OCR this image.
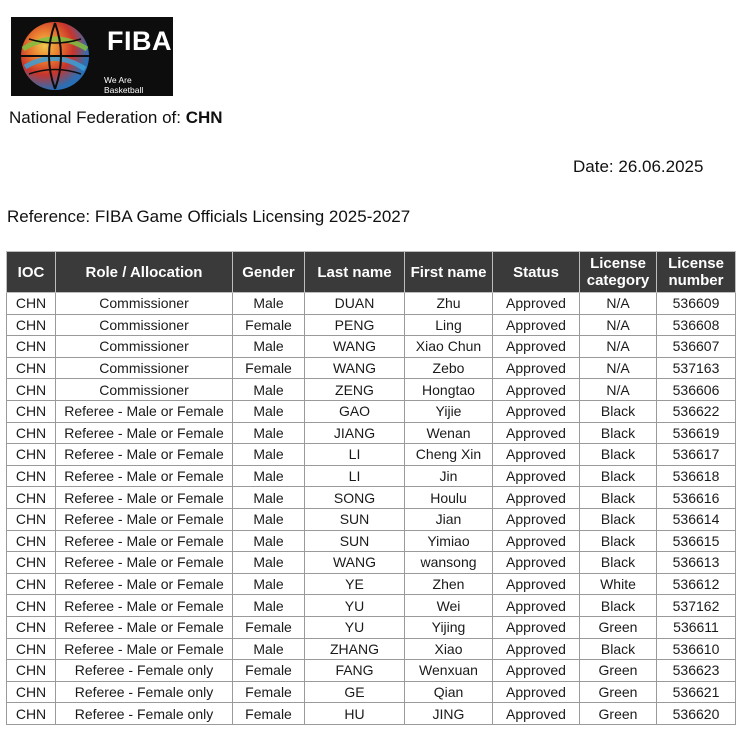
FIBA
We Are Basketball
National Federation of: CHN
Date: 26.06.2025
Reference: FIBA Game Officials Licensing 2025-2027
IOC	Role / Allocation	Gender	Last name	First name	Status	License category	License number
CHN	Commissioner	Male	DUAN	Zhu	Approved	N/A	536609
CHN	Commissioner	Female	PENG	Ling	Approved	N/A	536608
CHN	Commissioner	Male	WANG	Xiao Chun	Approved	N/A	536607
CHN	Commissioner	Female	WANG	Zebo	Approved	N/A	537163
CHN	Commissioner	Male	ZENG	Hongtao	Approved	N/A	536606
CHN	Referee - Male or Female	Male	GAO	Yijie	Approved	Black	536622
CHN	Referee - Male or Female	Male	JIANG	Wenan	Approved	Black	536619
CHN	Referee - Male or Female	Male	LI	Cheng Xin	Approved	Black	536617
CHN	Referee - Male or Female	Male	LI	Jin	Approved	Black	536618
CHN	Referee - Male or Female	Male	SONG	Houlu	Approved	Black	536616
CHN	Referee - Male or Female	Male	SUN	Jian	Approved	Black	536614
CHN	Referee - Male or Female	Male	SUN	Yimiao	Approved	Black	536615
CHN	Referee - Male or Female	Male	WANG	wansong	Approved	Black	536613
CHN	Referee - Male or Female	Male	YE	Zhen	Approved	White	536612
CHN	Referee - Male or Female	Male	YU	Wei	Approved	Black	537162
CHN	Referee - Male or Female	Female	YU	Yijing	Approved	Green	536611
CHN	Referee - Male or Female	Male	ZHANG	Xiao	Approved	Black	536610
CHN	Referee - Female only	Female	FANG	Wenxuan	Approved	Green	536623
CHN	Referee - Female only	Female	GE	Qian	Approved	Green	536621
CHN	Referee - Female only	Female	HU	JING	Approved	Green	536620
